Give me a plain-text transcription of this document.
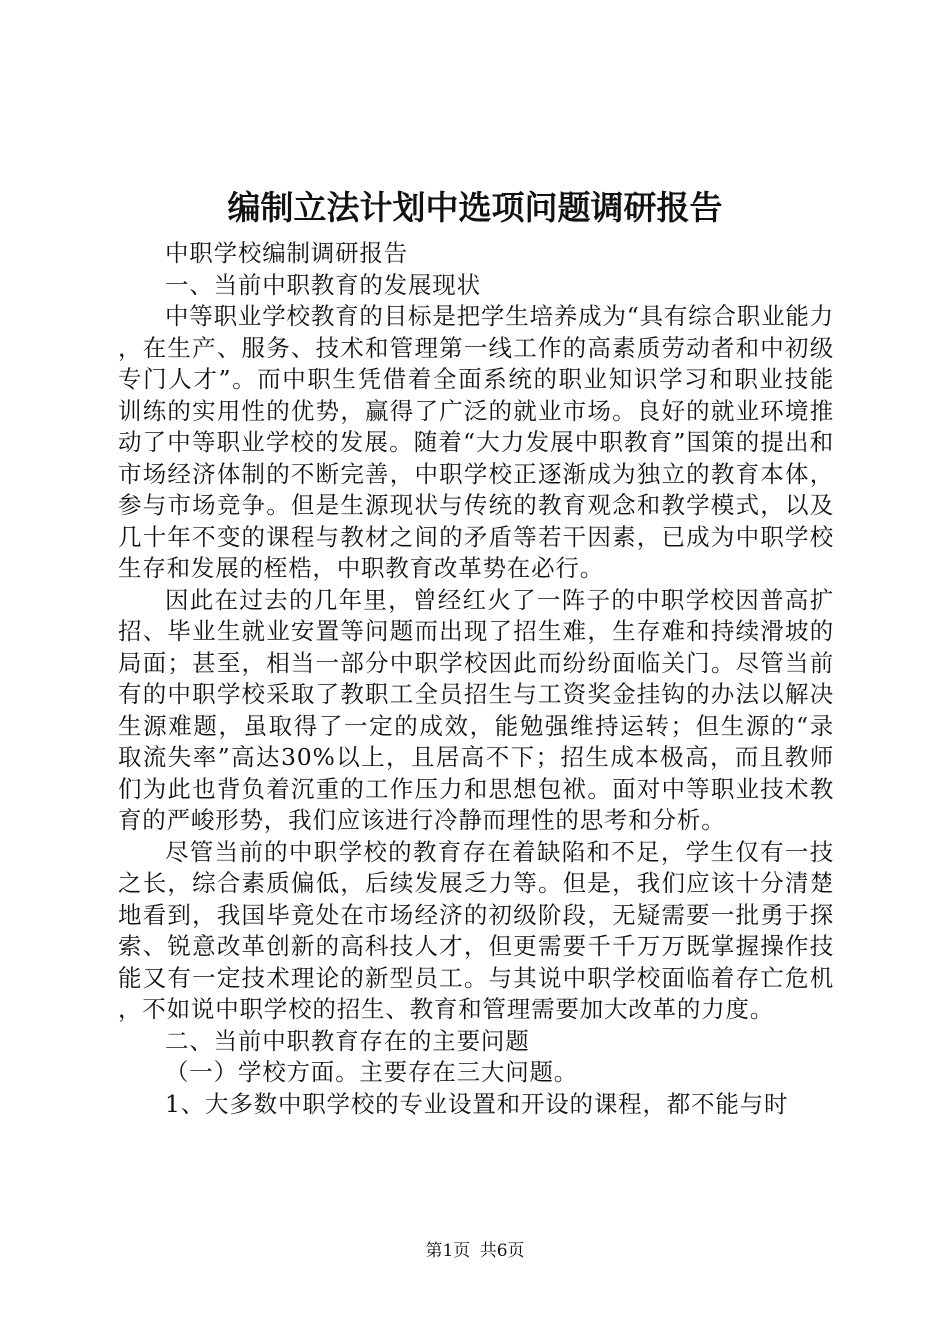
编制立法计划中选项问题调研报告

中职学校编制调研报告

一、当前中职教育的发展现状

中等职业学校教育的目标是把学生培养成为“具有综合职业能力，在生产、服务、技术和管理第一线工作的高素质劳动者和中初级专门人才”。而中职生凭借着全面系统的职业知识学习和职业技能训练的实用性的优势，赢得了广泛的就业市场。良好的就业环境推动了中等职业学校的发展。随着“大力发展中职教育”国策的提出和市场经济体制的不断完善，中职学校正逐渐成为独立的教育本体，参与市场竞争。但是生源现状与传统的教育观念和教学模式，以及几十年不变的课程与教材之间的矛盾等若干因素，已成为中职学校生存和发展的桎梏，中职教育改革势在必行。

因此在过去的几年里，曾经红火了一阵子的中职学校因普高扩招、毕业生就业安置等问题而出现了招生难，生存难和持续滑坡的局面；甚至，相当一部分中职学校因此而纷纷面临关门。尽管当前有的中职学校采取了教职工全员招生与工资奖金挂钩的办法以解决生源难题，虽取得了一定的成效，能勉强维持运转；但生源的“录取流失率”高达30%以上，且居高不下；招生成本极高，而且教师们为此也背负着沉重的工作压力和思想包袱。面对中等职业技术教育的严峻形势，我们应该进行冷静而理性的思考和分析。

尽管当前的中职学校的教育存在着缺陷和不足，学生仅有一技之长，综合素质偏低，后续发展乏力等。但是，我们应该十分清楚地看到，我国毕竟处在市场经济的初级阶段，无疑需要一批勇于探索、锐意改革创新的高科技人才，但更需要千千万万既掌握操作技能又有一定技术理论的新型员工。与其说中职学校面临着存亡危机，不如说中职学校的招生、教育和管理需要加大改革的力度。

二、当前中职教育存在的主要问题

（一）学校方面。主要存在三大问题。

1、大多数中职学校的专业设置和开设的课程，都不能与时

第1页 共6页
